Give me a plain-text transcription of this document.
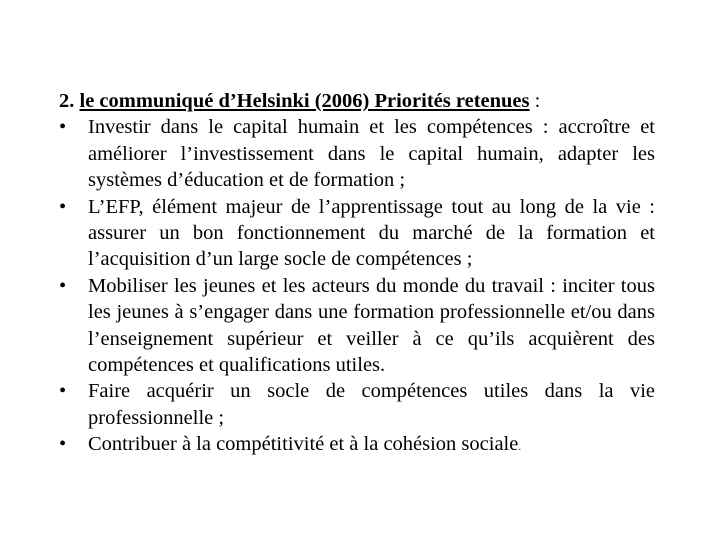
2. le communiqué d’Helsinki (2006) Priorités retenues :

• Investir dans le capital humain et les compétences : accroître et améliorer l’investissement dans le capital humain, adapter les systèmes d’éducation et de formation ;
• L’EFP, élément majeur de l’apprentissage tout au long de la vie : assurer un bon fonctionnement du marché de la formation et l’acquisition d’un large socle de compétences ;
• Mobiliser les jeunes et les acteurs du monde du travail : inciter tous les jeunes à s’engager dans une formation professionnelle et/ou dans l’enseignement supérieur et veiller à ce qu’ils acquièrent des compétences et qualifications utiles.
• Faire acquérir un socle de compétences utiles dans la vie professionnelle ;
• Contribuer à la compétitivité et à la cohésion sociale.
